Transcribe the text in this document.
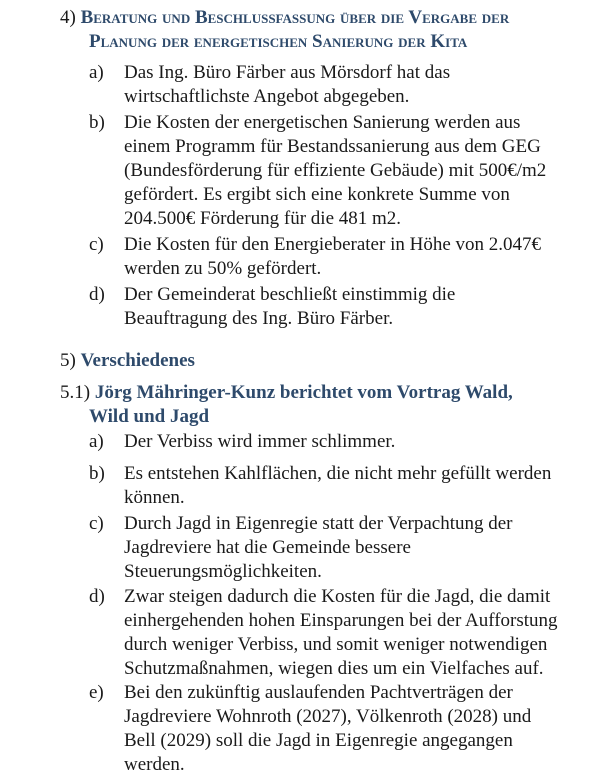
4) Beratung und Beschlussfassung über die Vergabe der
Planung der energetischen Sanierung der Kita
a) Das Ing. Büro Färber aus Mörsdorf hat das
wirtschaftlichste Angebot abgegeben.
b) Die Kosten der energetischen Sanierung werden aus
einem Programm für Bestandssanierung aus dem GEG
(Bundesförderung für effiziente Gebäude) mit 500€/m2
gefördert. Es ergibt sich eine konkrete Summe von
204.500€ Förderung für die 481 m2.
c) Die Kosten für den Energieberater in Höhe von 2.047€
werden zu 50% gefördert.
d) Der Gemeinderat beschließt einstimmig die
Beauftragung des Ing. Büro Färber.
5) Verschiedenes
5.1) Jörg Mähringer-Kunz berichtet vom Vortrag Wald,
Wild und Jagd
a) Der Verbiss wird immer schlimmer.
b) Es entstehen Kahlflächen, die nicht mehr gefüllt werden
können.
c) Durch Jagd in Eigenregie statt der Verpachtung der
Jagdreviere hat die Gemeinde bessere
Steuerungsmöglichkeiten.
d) Zwar steigen dadurch die Kosten für die Jagd, die damit
einhergehenden hohen Einsparungen bei der Aufforstung
durch weniger Verbiss, und somit weniger notwendigen
Schutzmaßnahmen, wiegen dies um ein Vielfaches auf.
e) Bei den zukünftig auslaufenden Pachtverträgen der
Jagdreviere Wohnroth (2027), Völkenroth (2028) und
Bell (2029) soll die Jagd in Eigenregie angegangen
werden.
